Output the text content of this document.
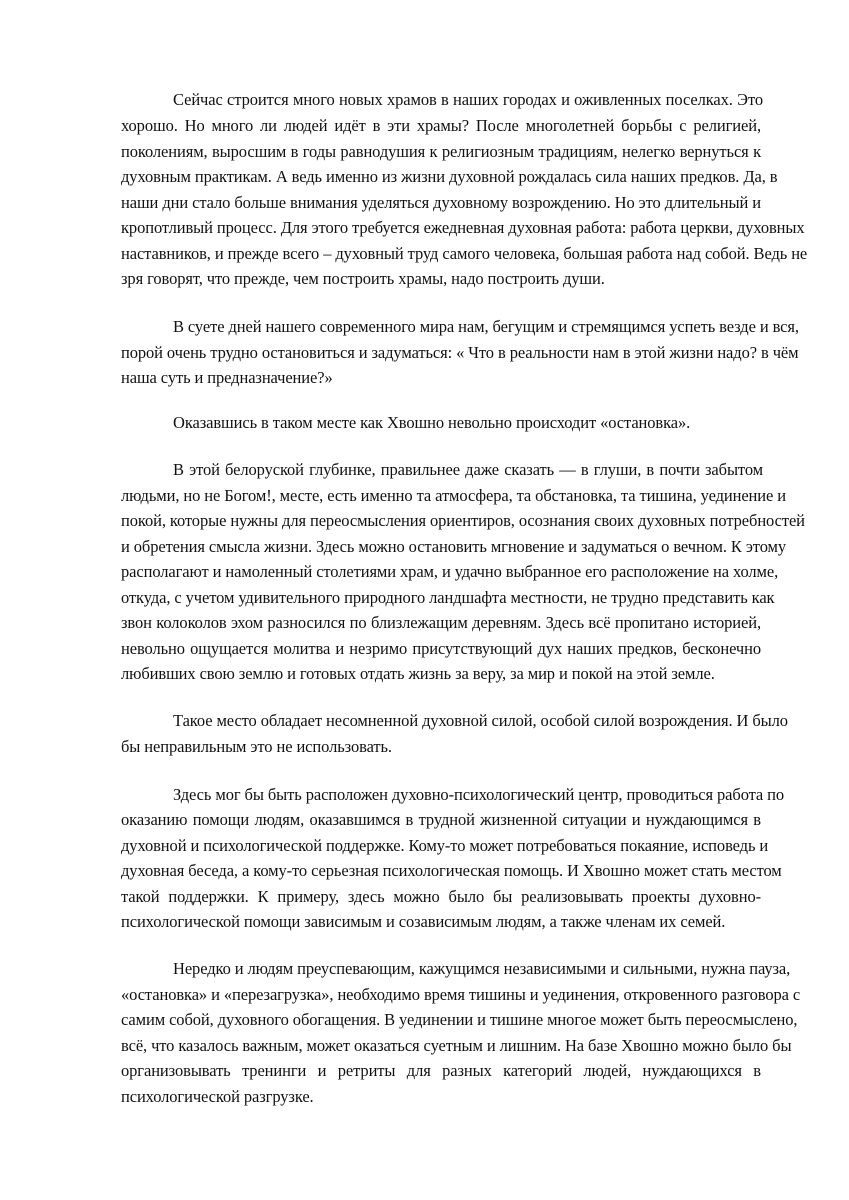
Сейчас строится много новых храмов в наших городах и оживленных поселках. Это
хорошо. Но много ли людей идёт в эти храмы? После многолетней борьбы с религией,
поколениям, выросшим в годы равнодушия к религиозным традициям, нелегко вернуться к
духовным практикам. А ведь именно из жизни духовной рождалась сила наших предков. Да, в
наши дни стало больше внимания уделяться духовному возрождению. Но это длительный и
кропотливый процесс. Для этого требуется ежедневная духовная работа: работа церкви, духовных
наставников, и прежде всего – духовный труд самого человека, большая работа над собой. Ведь не
зря говорят, что прежде, чем построить храмы, надо построить души.
В суете дней нашего современного мира нам, бегущим и стремящимся успеть везде и вся,
порой очень трудно остановиться и задуматься: « Что в реальности нам в этой жизни надо? в чём
наша суть и предназначение?»
Оказавшись в таком месте как Хвошно невольно происходит «остановка».
В этой белоруской глубинке, правильнее даже сказать — в глуши, в почти забытом
людьми, но не Богом!, месте, есть именно та атмосфера, та обстановка, та тишина, уединение и
покой, которые нужны для переосмысления ориентиров, осознания своих духовных потребностей
и обретения смысла жизни. Здесь можно остановить мгновение и задуматься о вечном. К этому
располагают и намоленный столетиями храм, и удачно выбранное его расположение на холме,
откуда, с учетом удивительного природного ландшафта местности, не трудно представить как
звон колоколов эхом разносился по близлежащим деревням. Здесь всё пропитано историей,
невольно ощущается молитва и незримо присутствующий дух наших предков, бесконечно
любивших свою землю и готовых отдать жизнь за веру, за мир и покой на этой земле.
Такое место обладает несомненной духовной силой, особой силой возрождения. И было
бы неправильным это не использовать.
Здесь мог бы быть расположен духовно-психологический центр, проводиться работа по
оказанию помощи людям, оказавшимся в трудной жизненной ситуации и нуждающимся в
духовной и психологической поддержке. Кому-то может потребоваться покаяние, исповедь и
духовная беседа, а кому-то серьезная психологическая помощь. И Хвошно может стать местом
такой поддержки. К примеру, здесь можно было бы реализовывать проекты духовно-
психологической помощи зависимым и созависимым людям, а также членам их семей.
Нередко и людям преуспевающим, кажущимся независимыми и сильными, нужна пауза,
«остановка» и «перезагрузка», необходимо время тишины и уединения, откровенного разговора с
самим собой, духовного обогащения. В уединении и тишине многое может быть переосмыслено,
всё, что казалось важным, может оказаться суетным и лишним. На базе Хвошно можно было бы
организовывать тренинги и ретриты для разных категорий людей, нуждающихся в
психологической разгрузке.
